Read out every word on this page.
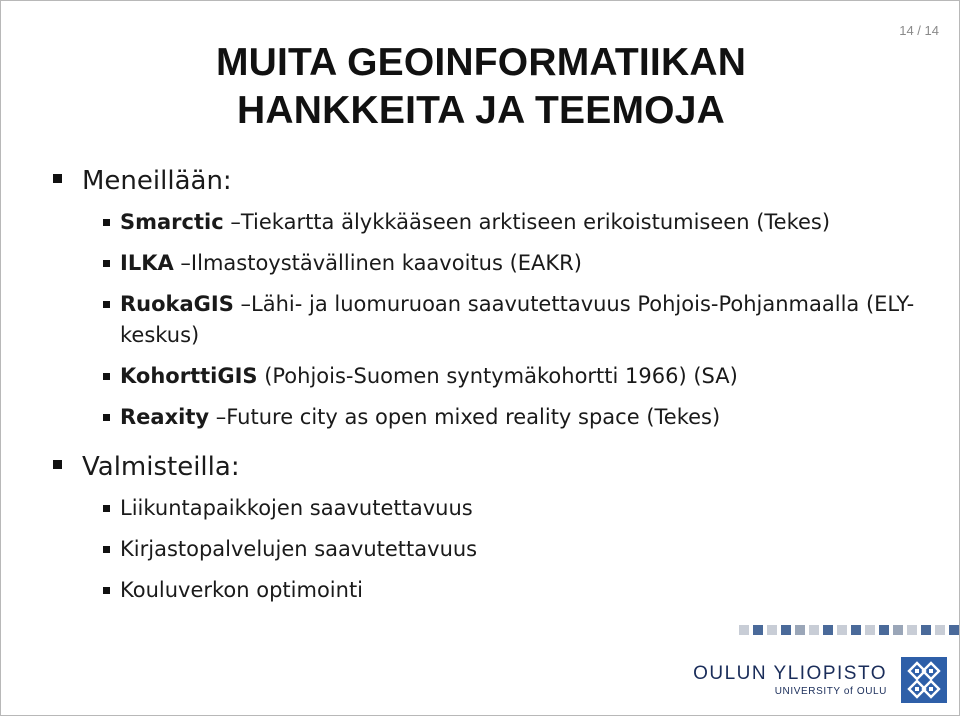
14 / 14
MUITA GEOINFORMATIIKAN
HANKKEITA JA TEEMOJA
Meneillään:
Smarctic –Tiekartta älykkääseen arktiseen erikoistumiseen (Tekes)
ILKA –Ilmastoystävällinen kaavoitus (EAKR)
RuokaGIS –Lähi- ja luomuruoan saavutettavuus Pohjois-Pohjanmaalla (ELY-keskus)
KohorttiGIS (Pohjois-Suomen syntymäkohortti 1966) (SA)
Reaxity –Future city as open mixed reality space (Tekes)
Valmisteilla:
Liikuntapaikkojen saavutettavuus
Kirjastopalvelujen saavutettavuus
Kouluverkon optimointi
OULUN YLIOPISTO
UNIVERSITY of OULU
